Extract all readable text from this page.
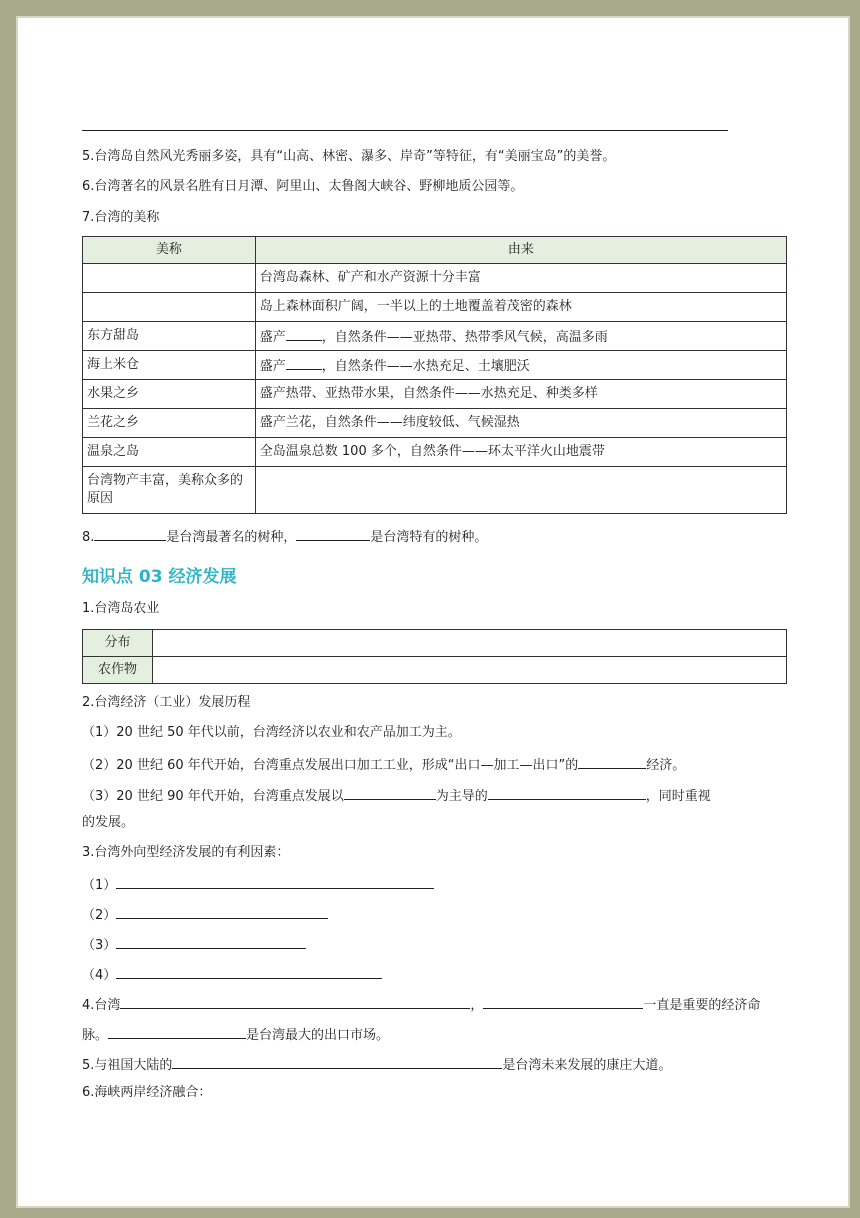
5.台湾岛自然风光秀丽多姿，具有“山高、林密、瀑多、岸奇”等特征，有“美丽宝岛”的美誉。
6.台湾著名的风景名胜有日月潭、阿里山、太鲁阁大峡谷、野柳地质公园等。
7.台湾的美称
美称	由来
	台湾岛森林、矿产和水产资源十分丰富
	岛上森林面积广阔，一半以上的土地覆盖着茂密的森林
东方甜岛	盛产 ，自然条件——亚热带、热带季风气候，高温多雨
海上米仓	盛产 ，自然条件——水热充足、土壤肥沃
水果之乡	盛产热带、亚热带水果，自然条件——水热充足、种类多样
兰花之乡	盛产兰花，自然条件——纬度较低、气候湿热
温泉之岛	全岛温泉总数 100 多个，自然条件——环太平洋火山地震带
台湾物产丰富，美称众多的原因	
8.	是台湾最著名的树种，	是台湾特有的树种。
知识点 03 经济发展
1.台湾岛农业
分布	
农作物	
2.台湾经济（工业）发展历程
（1）20 世纪 50 年代以前，台湾经济以农业和农产品加工为主。
（2）20 世纪 60 年代开始，台湾重点发展出口加工工业，形成“出口—加工—出口”的	经济。
（3）20 世纪 90 年代开始，台湾重点发展以	为主导的	，同时重视
的发展。
3.台湾外向型经济发展的有利因素：
（1）
（2）
（3）
（4）
4.台湾	，	一直是重要的经济命
脉。	是台湾最大的出口市场。
5.与祖国大陆的	是台湾未来发展的康庄大道。
6.海峡两岸经济融合：
